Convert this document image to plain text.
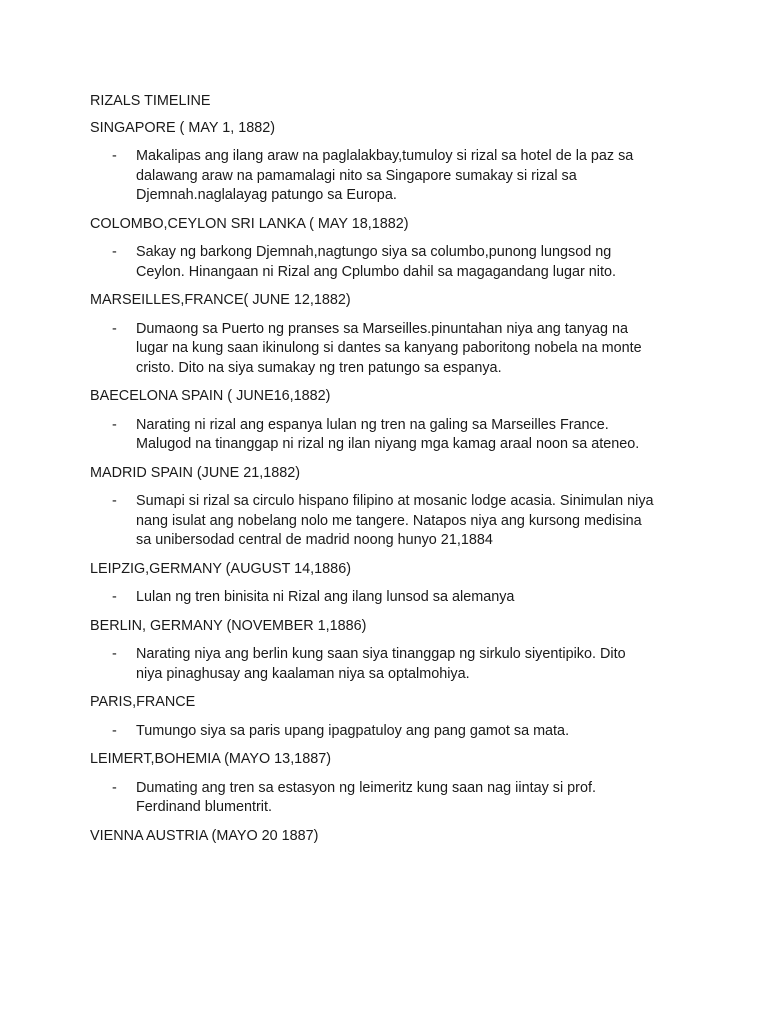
RIZALS TIMELINE
SINGAPORE ( MAY 1, 1882)
-	Makalipas ang ilang araw na paglalakbay,tumuloy si rizal sa hotel de la paz sa
dalawang araw na pamamalagi nito sa Singapore sumakay si rizal sa
Djemnah.naglalayag patungo sa Europa.

COLOMBO,CEYLON SRI LANKA ( MAY 18,1882)
-	Sakay ng barkong Djemnah,nagtungo siya sa columbo,punong lungsod ng
Ceylon. Hinangaan ni Rizal ang Cplumbo dahil sa magagandang lugar nito.

MARSEILLES,FRANCE( JUNE 12,1882)
-	Dumaong sa Puerto ng pranses sa Marseilles.pinuntahan niya ang tanyag na
lugar na kung saan ikinulong si dantes sa kanyang paboritong nobela na monte
cristo. Dito na siya sumakay ng tren patungo sa espanya.

BAECELONA SPAIN ( JUNE16,1882)
-	Narating ni rizal ang espanya lulan ng tren na galing sa Marseilles France.
Malugod na tinanggap ni rizal ng ilan niyang mga kamag araal noon sa ateneo.

MADRID SPAIN (JUNE 21,1882)
-	Sumapi si rizal sa circulo hispano filipino at mosanic lodge acasia. Sinimulan niya
nang isulat ang nobelang nolo me tangere. Natapos niya ang kursong medisina
sa unibersodad central de madrid noong hunyo 21,1884

LEIPZIG,GERMANY (AUGUST 14,1886)
-	Lulan ng tren binisita ni Rizal ang ilang lunsod sa alemanya

BERLIN, GERMANY (NOVEMBER 1,1886)
-	Narating niya ang berlin kung saan siya tinanggap ng sirkulo siyentipiko. Dito
niya pinaghusay ang kaalaman niya sa optalmohiya.

PARIS,FRANCE
-	Tumungo siya sa paris upang ipagpatuloy ang pang gamot sa mata.

LEIMERT,BOHEMIA (MAYO 13,1887)
-	Dumating ang tren sa estasyon ng leimeritz kung saan nag iintay si prof.
Ferdinand blumentrit.

VIENNA AUSTRIA (MAYO 20 1887)
